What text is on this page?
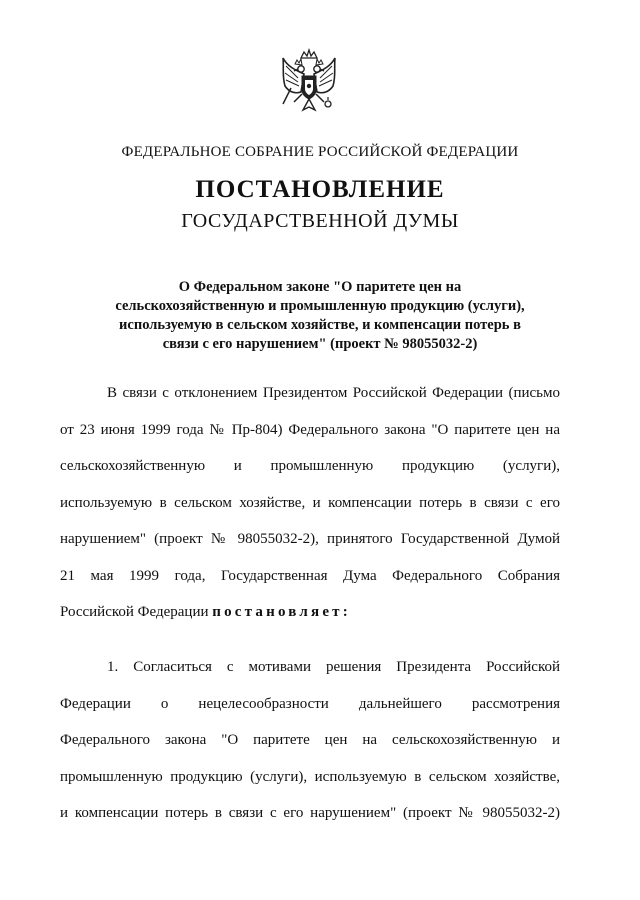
ФЕДЕРАЛЬНОЕ СОБРАНИЕ РОССИЙСКОЙ ФЕДЕРАЦИИ
ПОСТАНОВЛЕНИЕ
ГОСУДАРСТВЕННОЙ ДУМЫ
О Федеральном законе "О паритете цен на
сельскохозяйственную и промышленную продукцию (услуги),
используемую в сельском хозяйстве, и компенсации потерь в
связи с его нарушением" (проект № 98055032-2)
В связи с отклонением Президентом Российской Федерации (письмо
от 23 июня 1999 года № Пр-804) Федерального закона "О паритете цен на
сельскохозяйственную и промышленную продукцию (услуги),
используемую в сельском хозяйстве, и компенсации потерь в связи с его
нарушением" (проект № 98055032-2), принятого Государственной Думой
21 мая 1999 года, Государственная Дума Федерального Собрания
Российской Федерации постановляет:
1. Согласиться с мотивами решения Президента Российской
Федерации о нецелесообразности дальнейшего рассмотрения
Федерального закона "О паритете цен на сельскохозяйственную и
промышленную продукцию (услуги), используемую в сельском хозяйстве,
и компенсации потерь в связи с его нарушением" (проект № 98055032-2)
